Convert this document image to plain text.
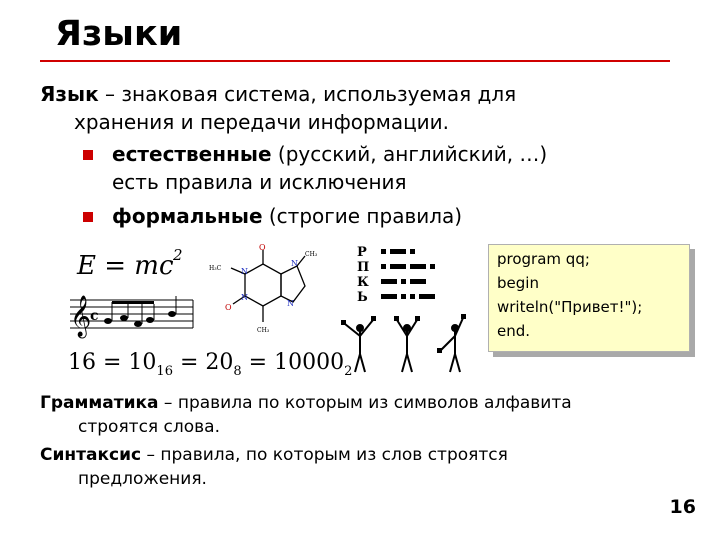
Языки
Язык – знаковая система, используемая для
хранения и передачи информации.
естественные (русский, английский, …)
есть правила и исключения
формальные (строгие правила)
E = mc 2
𝄞
c
$16 = 10_{16} = 20_8 = 10000_2$
O
O
N
N
N
N
H₃C
CH₃
CH₃
Р
П
К
Ь
program qq;
begin
writeln("Привет!");
end.
Грамматика – правила по которым из символов алфавита
строятся слова.
Синтаксис – правила, по которым из слов строятся
предложения.
16
